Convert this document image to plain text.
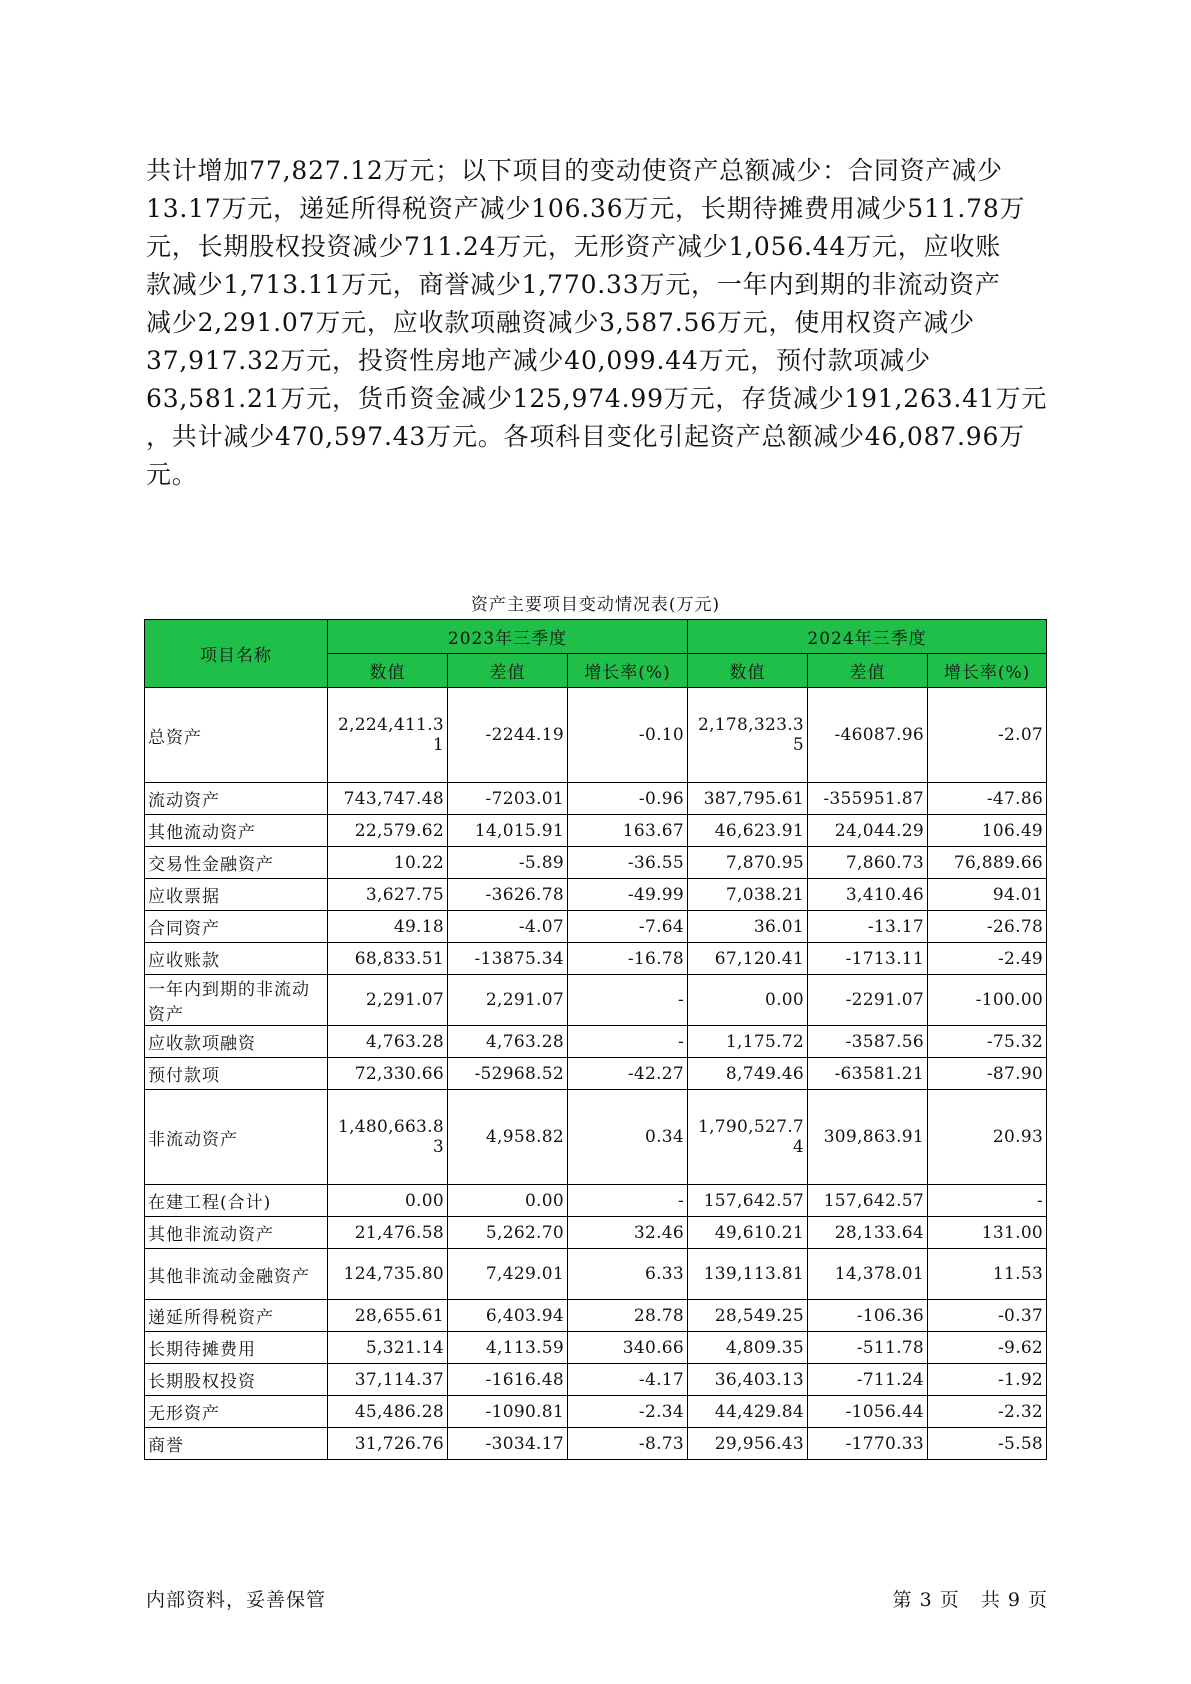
共计增加77,827.12万元；以下项目的变动使资产总额减少：合同资产减少
13.17万元，递延所得税资产减少106.36万元，长期待摊费用减少511.78万
元，长期股权投资减少711.24万元，无形资产减少1,056.44万元，应收账
款减少1,713.11万元，商誉减少1,770.33万元，一年内到期的非流动资产
减少2,291.07万元，应收款项融资减少3,587.56万元，使用权资产减少
37,917.32万元，投资性房地产减少40,099.44万元，预付款项减少
63,581.21万元，货币资金减少125,974.99万元，存货减少191,263.41万元
，共计减少470,597.43万元。各项科目变化引起资产总额减少46,087.96万
元。

资产主要项目变动情况表(万元)
项目名称	2023年三季度			2024年三季度		
	数值	差值	增长率(%)	数值	差值	增长率(%)
总资产	2,224,411.31	-2244.19	-0.10	2,178,323.35	-46087.96	-2.07
流动资产	743,747.48	-7203.01	-0.96	387,795.61	-355951.87	-47.86
其他流动资产	22,579.62	14,015.91	163.67	46,623.91	24,044.29	106.49
交易性金融资产	10.22	-5.89	-36.55	7,870.95	7,860.73	76,889.66
应收票据	3,627.75	-3626.78	-49.99	7,038.21	3,410.46	94.01
合同资产	49.18	-4.07	-7.64	36.01	-13.17	-26.78
应收账款	68,833.51	-13875.34	-16.78	67,120.41	-1713.11	-2.49
一年内到期的非流动资产	2,291.07	2,291.07	-	0.00	-2291.07	-100.00
应收款项融资	4,763.28	4,763.28	-	1,175.72	-3587.56	-75.32
预付款项	72,330.66	-52968.52	-42.27	8,749.46	-63581.21	-87.90
非流动资产	1,480,663.83	4,958.82	0.34	1,790,527.74	309,863.91	20.93
在建工程(合计)	0.00	0.00	-	157,642.57	157,642.57	-
其他非流动资产	21,476.58	5,262.70	32.46	49,610.21	28,133.64	131.00
其他非流动金融资产	124,735.80	7,429.01	6.33	139,113.81	14,378.01	11.53
递延所得税资产	28,655.61	6,403.94	28.78	28,549.25	-106.36	-0.37
长期待摊费用	5,321.14	4,113.59	340.66	4,809.35	-511.78	-9.62
长期股权投资	37,114.37	-1616.48	-4.17	36,403.13	-711.24	-1.92
无形资产	45,486.28	-1090.81	-2.34	44,429.84	-1056.44	-2.32
商誉	31,726.76	-3034.17	-8.73	29,956.43	-1770.33	-5.58
内部资料，妥善保管	第 3 页   共 9 页
